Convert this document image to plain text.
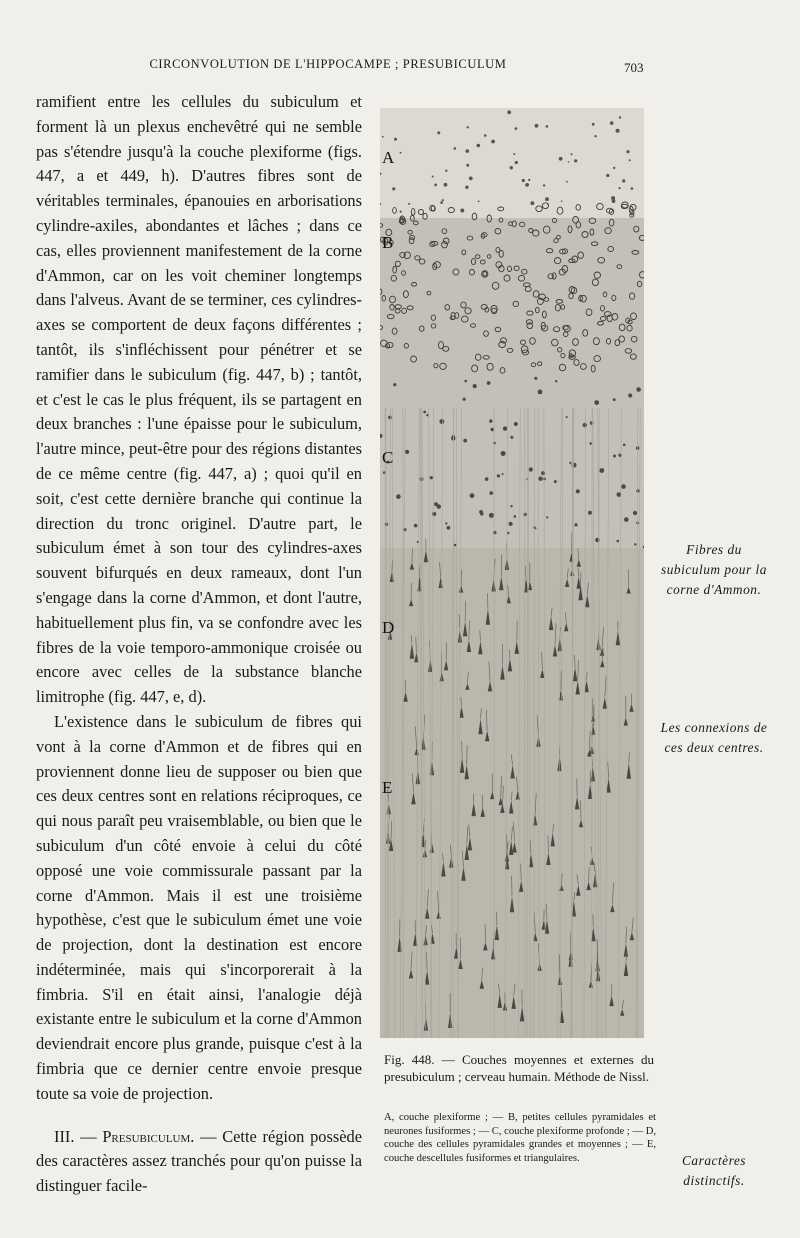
CIRCONVOLUTION DE L'HIPPOCAMPE ; PRESUBICULUM	703

ramifient entre les cellules du subiculum et forment là un plexus enchevêtré qui ne semble pas s'étendre jusqu'à la couche plexiforme (figs. 447, a et 449, h). D'autres fibres sont de véritables terminales, épanouies en arborisations cylindre-axiles, abondantes et lâches ; dans ce cas, elles proviennent manifestement de la corne d'Ammon, car on les voit cheminer longtemps dans l'alveus. Avant de se terminer, ces cylindres-axes se comportent de deux façons différentes ; tantôt, ils s'infléchissent pour pénétrer et se ramifier dans le subiculum (fig. 447, b) ; tantôt, et c'est le cas le plus fréquent, ils se partagent en deux branches : l'une épaisse pour le subiculum, l'autre mince, peut-être pour des régions distantes de ce même centre (fig. 447, a) ; quoi qu'il en soit, c'est cette dernière branche qui continue la direction du tronc originel. D'autre part, le subiculum émet à son tour des cylindres-axes souvent bifurqués en deux rameaux, dont l'un s'engage dans la corne d'Ammon, et dont l'autre, habituellement plus fin, va se confondre avec les fibres de la voie temporo-ammonique croisée ou encore avec celles de la substance blanche limitrophe (fig. 447, e, d).

L'existence dans le subiculum de fibres qui vont à la corne d'Ammon et de fibres qui en proviennent donne lieu de supposer ou bien que ces deux centres sont en relations réciproques, ce qui nous paraît peu vraisemblable, ou bien que le subiculum d'un côté envoie à celui du côté opposé une voie commissurale passant par la corne d'Ammon. Mais il est une troisième hypothèse, c'est que le subiculum émet une voie de projection, dont la destination est encore indéterminée, mais qui s'incorporerait à la fimbria. S'il en était ainsi, l'analogie déjà existante entre le subiculum et la corne d'Ammon deviendrait encore plus grande, puisque c'est à la fimbria que ce dernier centre envoie presque toute sa voie de projection.

III. — Presubiculum. — Cette région possède des caractères assez tranchés pour qu'on puisse la distinguer facile-

A
B
C
D
E
Fig. 448. — Couches moyennes et externes du presubiculum ; cerveau humain. Méthode de Nissl.
A, couche plexiforme ; — B, petites cellules pyramidales et neurones fusiformes ; — C, couche plexiforme profonde ; — D, couche des cellules pyramidales grandes et moyennes ; — E, couche descellules fusiformes et triangulaires.
Fibres du subiculum pour la corne d'Ammon.
Les connexions de ces deux centres.
Caractères distinctifs.
